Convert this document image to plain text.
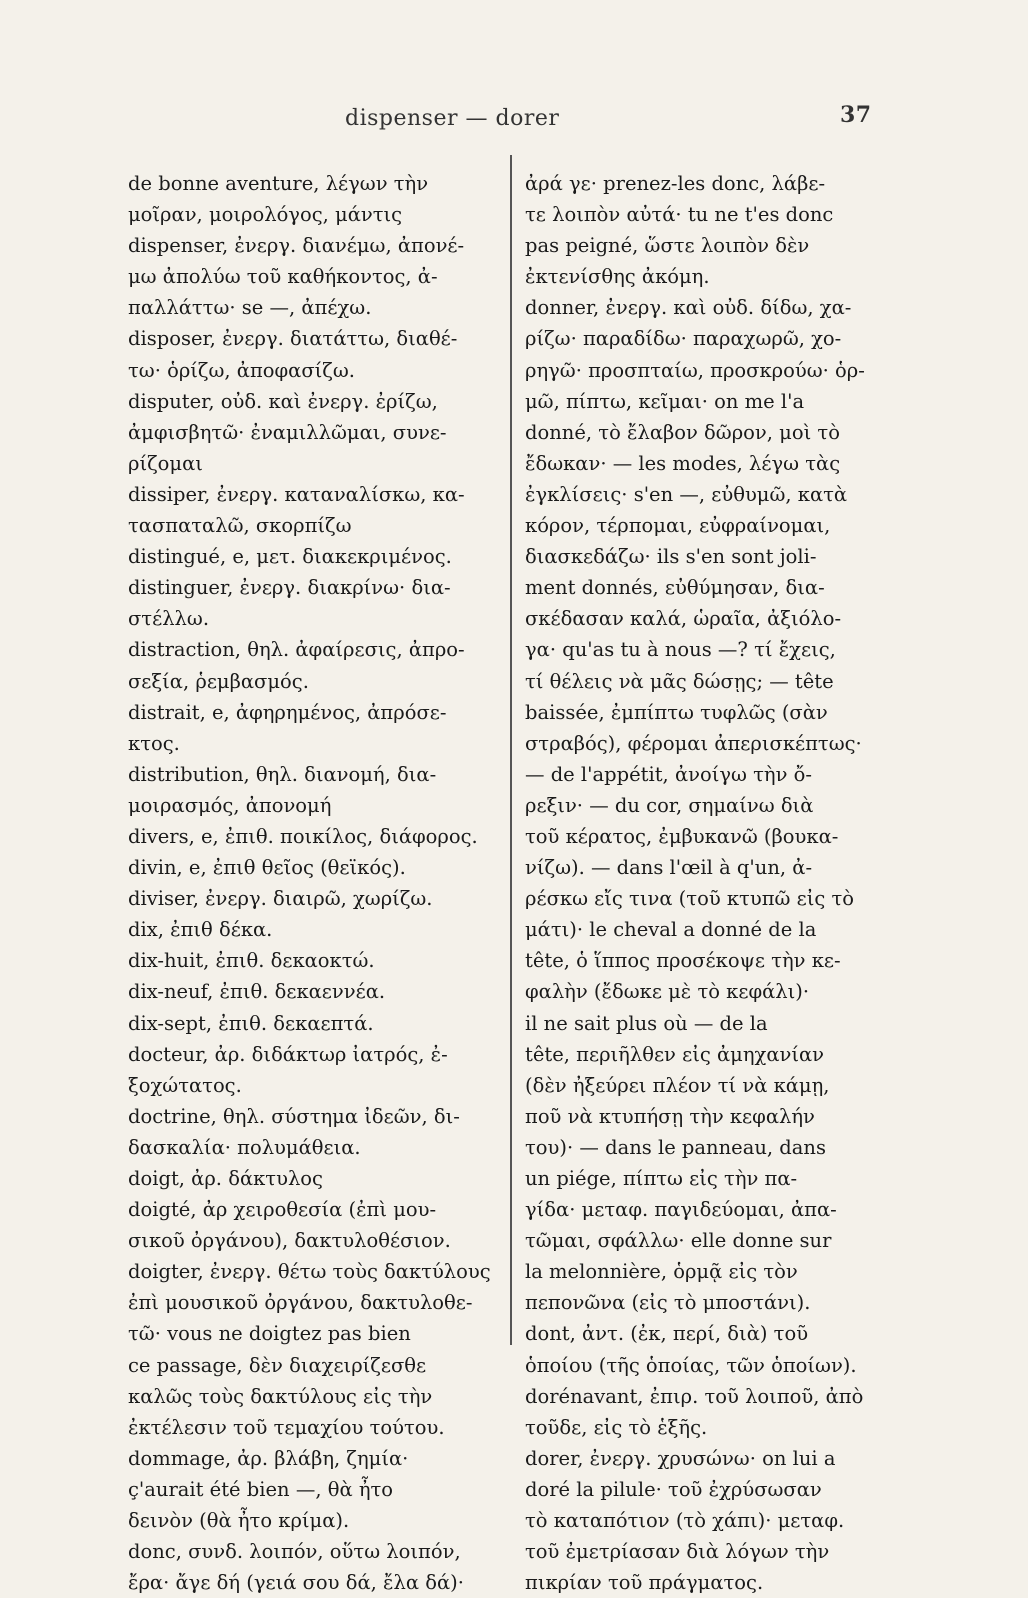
dispenser — dorer	37
de bonne aventure, λέγων τὴν
μοῖραν, μοιρολόγος, μάντις
dispenser, ἐνεργ. διανέμω, ἀπονέ-
μω ἀπολύω τοῦ καθήκοντος, ἀ-
παλλάττω· se —, ἀπέχω.
disposer, ἐνεργ. διατάττω, διαθέ-
τω· ὁρίζω, ἀποφασίζω.
disputer, οὐδ. καὶ ἐνεργ. ἐρίζω,
ἀμφισβητῶ· ἐναμιλλῶμαι, συνε-
ρίζομαι
dissiper, ἐνεργ. καταναλίσκω, κα-
τασπαταλῶ, σκορπίζω
distingué, e, μετ. διακεκριμένος.
distinguer, ἐνεργ. διακρίνω· δια-
στέλλω.
distraction, θηλ. ἀφαίρεσις, ἀπρο-
σεξία, ῥεμβασμός.
distrait, e, ἀφηρημένος, ἀπρόσε-
κτος.
distribution, θηλ. διανομή, δια-
μοιρασμός, ἀπονομή
divers, e, ἐπιθ. ποικίλος, διάφορος.
divin, e, ἐπιθ θεῖος (θεϊκός).
diviser, ἐνεργ. διαιρῶ, χωρίζω.
dix, ἐπιθ δέκα.
dix-huit, ἐπιθ. δεκαοκτώ.
dix-neuf, ἐπιθ. δεκαεννέα.
dix-sept, ἐπιθ. δεκαεπτά.
docteur, ἀρ. διδάκτωρ ἰατρός, ἐ-
ξοχώτατος.
doctrine, θηλ. σύστημα ἰδεῶν, δι-
δασκαλία· πολυμάθεια.
doigt, ἀρ. δάκτυλος
doigté, ἀρ χειροθεσία (ἐπὶ μου-
σικοῦ ὀργάνου), δακτυλοθέσιον.
doigter, ἐνεργ. θέτω τοὺς δακτύλους
ἐπὶ μουσικοῦ ὀργάνου, δακτυλοθε-
τῶ· vous ne doigtez pas bien
ce passage, δὲν διαχειρίζεσθε
καλῶς τοὺς δακτύλους εἰς τὴν
ἐκτέλεσιν τοῦ τεμαχίου τούτου.
dommage, ἀρ. βλάβη, ζημία·
ç'aurait été bien —, θὰ ἦτο
δεινὸν (θὰ ἦτο κρίμα).
donc, συνδ. λοιπόν, οὕτω λοιπόν,
ἔρα· ἄγε δή (γειά σου δά, ἔλα δά)·
ἀρά γε· prenez-les donc, λάβε-
τε λοιπὸν αὐτά· tu ne t'es donc
pas peigné, ὥστε λοιπὸν δὲν
ἐκτενίσθης ἀκόμη.
donner, ἐνεργ. καὶ οὐδ. δίδω, χα-
ρίζω· παραδίδω· παραχωρῶ, χο-
ρηγῶ· προσπταίω, προσκρούω· ὁρ-
μῶ, πίπτω, κεῖμαι· on me l'a
donné, τὸ ἔλαβον δῶρον, μοὶ τὸ
ἔδωκαν· — les modes, λέγω τὰς
ἐγκλίσεις· s'en —, εὐθυμῶ, κατὰ
κόρον, τέρπομαι, εὐφραίνομαι,
διασκεδάζω· ils s'en sont joli-
ment donnés, εὐθύμησαν, δια-
σκέδασαν καλά, ὡραῖα, ἀξιόλο-
γα· qu'as tu à nous —? τί ἔχεις,
τί θέλεις νὰ μᾶς δώσῃς; — tête
baissée, ἐμπίπτω τυφλῶς (σὰν
στραβός), φέρομαι ἀπερισκέπτως·
— de l'appétit, ἀνοίγω τὴν ὄ-
ρεξιν· — du cor, σημαίνω διὰ
τοῦ κέρατος, ἐμβυκανῶ (βουκα-
νίζω). — dans l'œil à q'un, ἀ-
ρέσκω εἴς τινα (τοῦ κτυπῶ εἰς τὸ
μάτι)· le cheval a donné de la
tête, ὁ ἵππος προσέκοψε τὴν κε-
φαλὴν (ἔδωκε μὲ τὸ κεφάλι)·
il ne sait plus où — de la
tête, περιῆλθεν εἰς ἀμηχανίαν
(δὲν ἠξεύρει πλέον τί νὰ κάμῃ,
ποῦ νὰ κτυπήσῃ τὴν κεφαλήν
του)· — dans le panneau, dans
un piége, πίπτω εἰς τὴν πα-
γίδα· μεταφ. παγιδεύομαι, ἀπα-
τῶμαι, σφάλλω· elle donne sur
la melonnière, ὁρμᾷ εἰς τὸν
πεπονῶνα (εἰς τὸ μποστάνι).
dont, ἀντ. (ἐκ, περί, διὰ) τοῦ
ὁποίου (τῆς ὁποίας, τῶν ὁποίων).
dorénavant, ἐπιρ. τοῦ λοιποῦ, ἀπὸ
τοῦδε, εἰς τὸ ἑξῆς.
dorer, ἐνεργ. χρυσώνω· on lui a
doré la pilule· τοῦ ἐχρύσωσαν
τὸ καταπότιον (τὸ χάπι)· μεταφ.
τοῦ ἐμετρίασαν διὰ λόγων τὴν
πικρίαν τοῦ πράγματος.
